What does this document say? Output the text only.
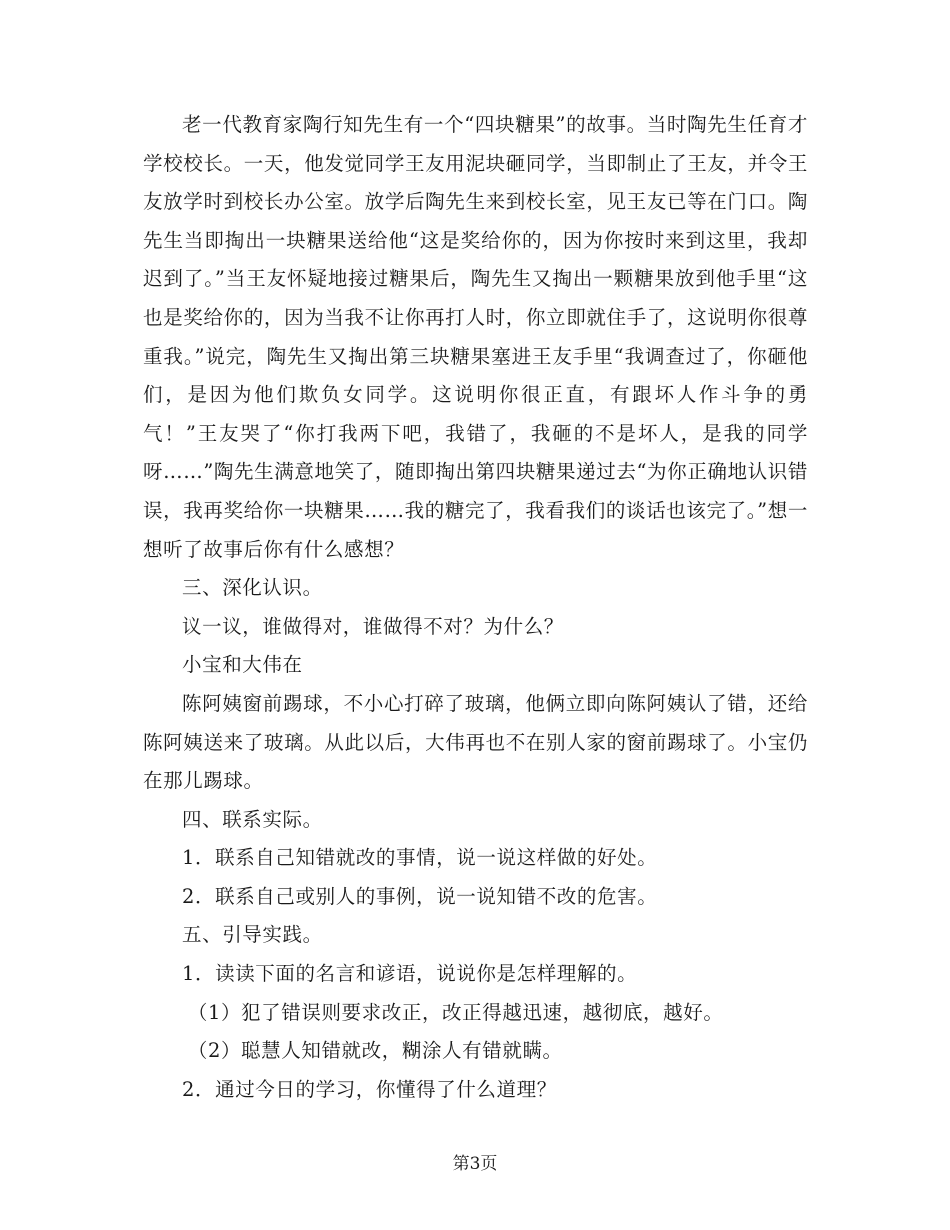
老一代教育家陶行知先生有一个“四块糖果”的故事。当时陶先生任育才学校校长。一天，他发觉同学王友用泥块砸同学，当即制止了王友，并令王友放学时到校长办公室。放学后陶先生来到校长室，见王友已等在门口。陶先生当即掏出一块糖果送给他“这是奖给你的，因为你按时来到这里，我却迟到了。”当王友怀疑地接过糖果后，陶先生又掏出一颗糖果放到他手里“这也是奖给你的，因为当我不让你再打人时，你立即就住手了，这说明你很尊重我。”说完，陶先生又掏出第三块糖果塞进王友手里“我调查过了，你砸他们，是因为他们欺负女同学。这说明你很正直，有跟坏人作斗争的勇气！”王友哭了“你打我两下吧，我错了，我砸的不是坏人，是我的同学呀……”陶先生满意地笑了，随即掏出第四块糖果递过去“为你正确地认识错误，我再奖给你一块糖果……我的糖完了，我看我们的谈话也该完了。”想一想听了故事后你有什么感想？

三、深化认识。

议一议，谁做得对，谁做得不对？为什么？

小宝和大伟在

陈阿姨窗前踢球，不小心打碎了玻璃，他俩立即向陈阿姨认了错，还给陈阿姨送来了玻璃。从此以后，大伟再也不在别人家的窗前踢球了。小宝仍在那儿踢球。

四、联系实际。

1．联系自己知错就改的事情，说一说这样做的好处。

2．联系自己或别人的事例，说一说知错不改的危害。

五、引导实践。

1．读读下面的名言和谚语，说说你是怎样理解的。

（1）犯了错误则要求改正，改正得越迅速，越彻底，越好。

（2）聪慧人知错就改，糊涂人有错就瞒。

2．通过今日的学习，你懂得了什么道理？

第3页
